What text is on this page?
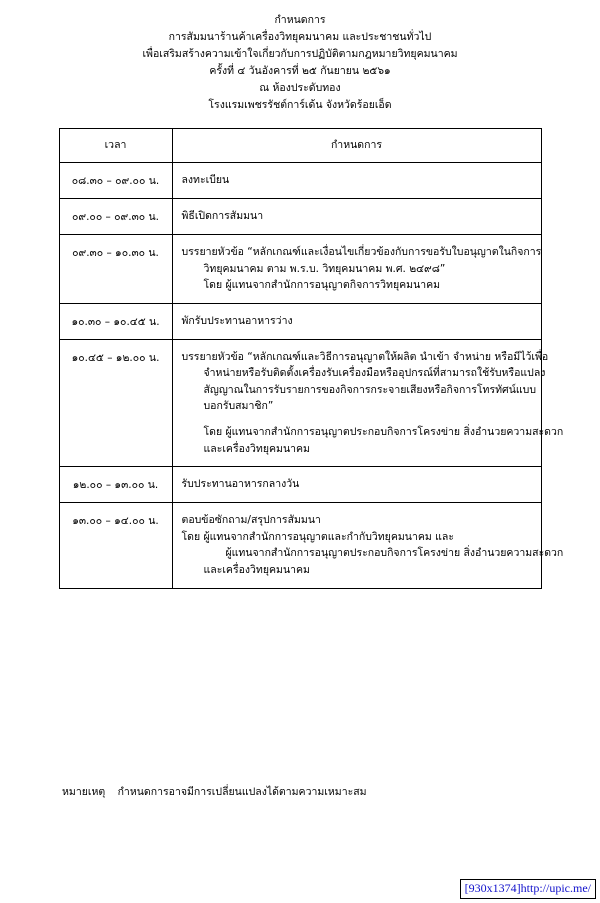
กำหนดการ
การสัมมนาร้านค้าเครื่องวิทยุคมนาคม และประชาชนทั่วไป
เพื่อเสริมสร้างความเข้าใจเกี่ยวกับการปฏิบัติตามกฎหมายวิทยุคมนาคม
ครั้งที่ ๔ วันอังคารที่ ๒๕ กันยายน ๒๕๖๑
ณ ห้องประดับทอง
โรงแรมเพชรรัชต์การ์เด้น จังหวัดร้อยเอ็ด
เวลา	กำหนดการ
๐๘.๓๐ – ๐๙.๐๐ น.	ลงทะเบียน

๐๙.๐๐ – ๐๙.๓๐ น.	พิธีเปิดการสัมมนา

๐๙.๓๐ – ๑๐.๓๐ น.	บรรยายหัวข้อ “หลักเกณฑ์และเงื่อนไขเกี่ยวข้องกับการขอรับใบอนุญาตในกิจการ
วิทยุคมนาคม ตาม พ.ร.บ. วิทยุคมนาคม พ.ศ. ๒๔๙๘”
โดย ผู้แทนจากสำนักการอนุญาตกิจการวิทยุคมนาคม

๑๐.๓๐ – ๑๐.๔๕ น.	พักรับประทานอาหารว่าง

๑๐.๔๕ – ๑๒.๐๐ น.	บรรยายหัวข้อ “หลักเกณฑ์และวิธีการอนุญาตให้ผลิต นำเข้า จำหน่าย หรือมีไว้เพื่อ
จำหน่ายหรือรับติดตั้งเครื่องรับเครื่องมือหรืออุปกรณ์ที่สามารถใช้รับหรือแปลง
สัญญาณในการรับรายการของกิจการกระจายเสียงหรือกิจการโทรทัศน์แบบ
บอกรับสมาชิก”
โดย ผู้แทนจากสำนักการอนุญาตประกอบกิจการโครงข่าย สิ่งอำนวยความสะดวก
และเครื่องวิทยุคมนาคม

๑๒.๐๐ – ๑๓.๐๐ น.	รับประทานอาหารกลางวัน

๑๓.๐๐ – ๑๔.๐๐ น.	ตอบข้อซักถาม/สรุปการสัมมนา
โดย ผู้แทนจากสำนักการอนุญาตและกำกับวิทยุคมนาคม และ
ผู้แทนจากสำนักการอนุญาตประกอบกิจการโครงข่าย สิ่งอำนวยความสะดวก
และเครื่องวิทยุคมนาคม
หมายเหตุ กำหนดการอาจมีการเปลี่ยนแปลงได้ตามความเหมาะสม
[930x1374]http://upic.me/
